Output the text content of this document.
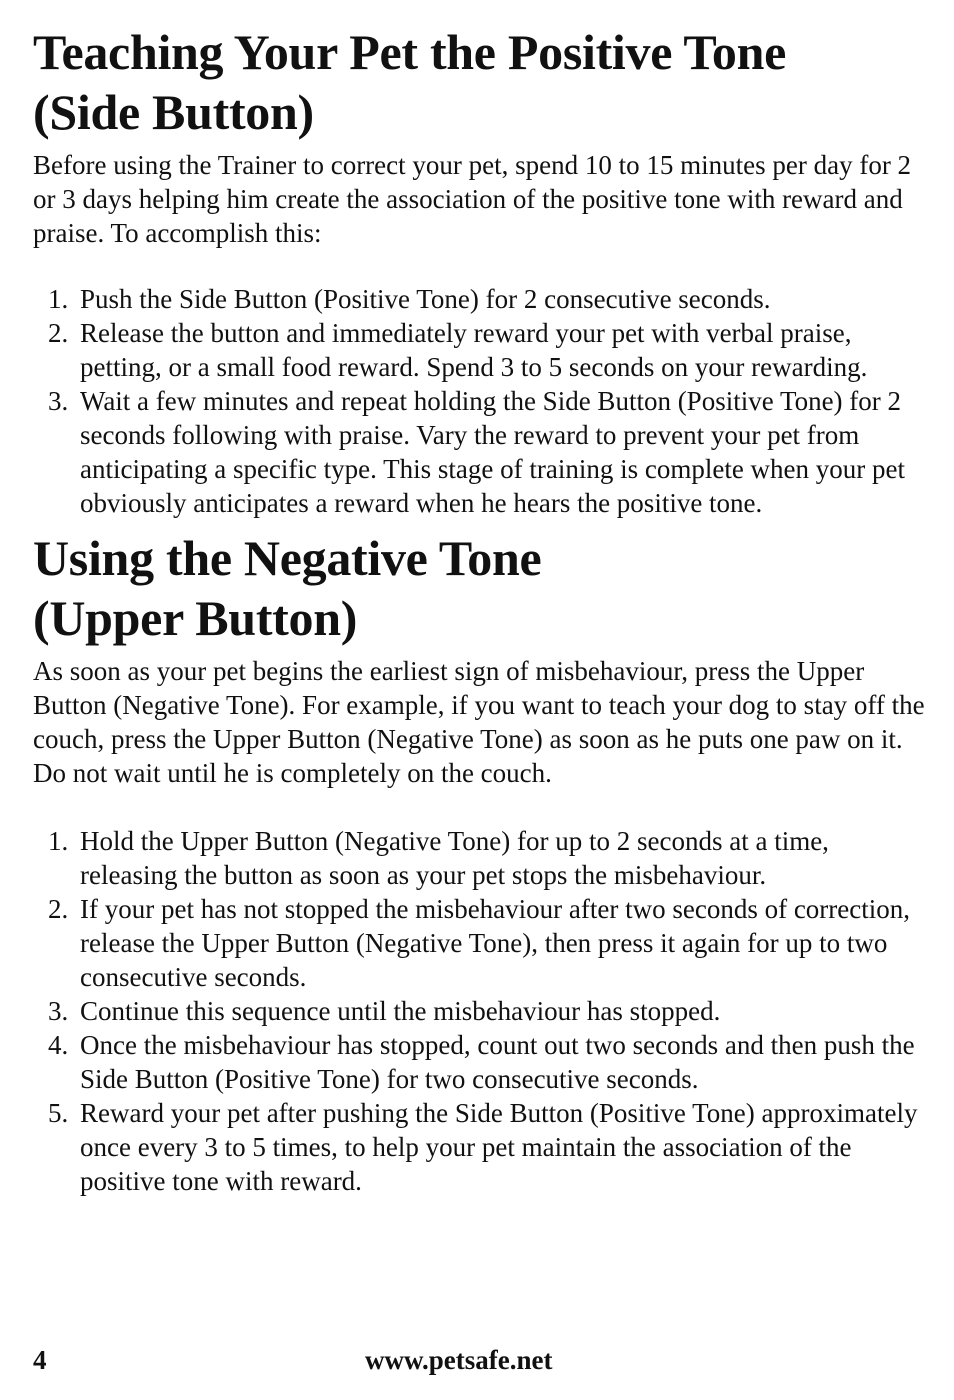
Teaching Your Pet the Positive Tone (Side Button)

Before using the Trainer to correct your pet, spend 10 to 15 minutes per day for 2 or 3 days helping him create the association of the positive tone with reward and praise. To accomplish this:

1. Push the Side Button (Positive Tone) for 2 consecutive seconds.
2. Release the button and immediately reward your pet with verbal praise, petting, or a small food reward. Spend 3 to 5 seconds on your rewarding.
3. Wait a few minutes and repeat holding the Side Button (Positive Tone) for 2 seconds following with praise. Vary the reward to prevent your pet from anticipating a specific type. This stage of training is complete when your pet obviously anticipates a reward when he hears the positive tone.
Using the Negative Tone (Upper Button)

As soon as your pet begins the earliest sign of misbehaviour, press the Upper Button (Negative Tone). For example, if you want to teach your dog to stay off the couch, press the Upper Button (Negative Tone) as soon as he puts one paw on it. Do not wait until he is completely on the couch.

1. Hold the Upper Button (Negative Tone) for up to 2 seconds at a time, releasing the button as soon as your pet stops the misbehaviour.
2. If your pet has not stopped the misbehaviour after two seconds of correction, release the Upper Button (Negative Tone), then press it again for up to two consecutive seconds.
3. Continue this sequence until the misbehaviour has stopped.
4. Once the misbehaviour has stopped, count out two seconds and then push the Side Button (Positive Tone) for two consecutive seconds.
5. Reward your pet after pushing the Side Button (Positive Tone) approximately once every 3 to 5 times, to help your pet maintain the association of the positive tone with reward.
4	www.petsafe.net
